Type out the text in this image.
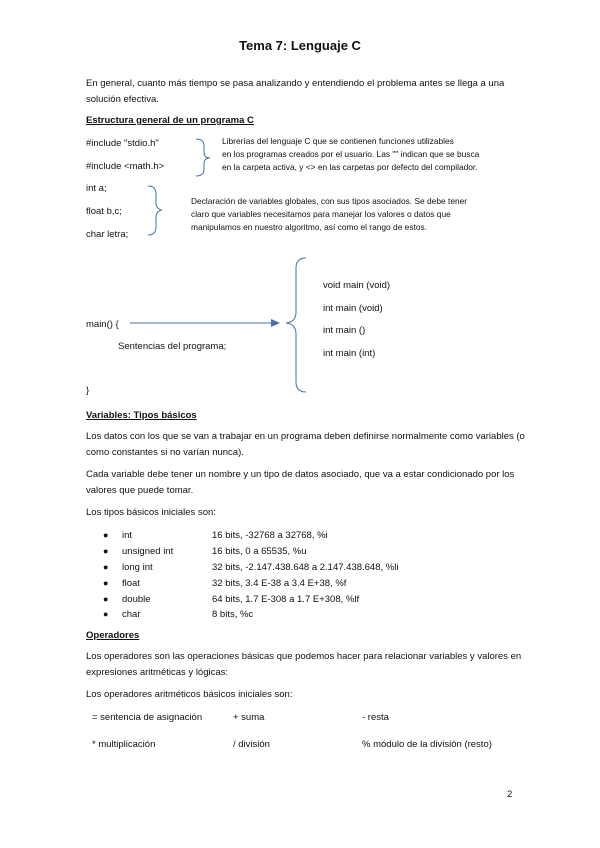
Tema 7: Lenguaje C
En general, cuanto más tiempo se pasa analizando y entendiendo el problema antes se llega a una solución efectiva.
Estructura general de un programa C
#include "stdio.h"
#include <math.h>
Librerías del lenguaje C que se contienen funciones utilizables
en los programas creados por el usuario. Las "" indican que se busca
en la carpeta activa, y <> en las carpetas por defecto del compilador.
int a;
float b,c;
char letra;
Declaración de variables globales, con sus tipos asociados. Se debe tener
claro que variables necesitamos para manejar los valores o datos que
manipulamos en nuestro algoritmo, así como el rango de estos.
main() {
Sentencias del programa;
}
void main (void)
int main (void)
int main ()
int main (int)
Variables: Tipos básicos
Los datos con los que se van a trabajar en un programa deben definirse normalmente como variables (o como constantes si no varían nunca).
Cada variable debe tener un nombre y un tipo de datos asociado, que va a estar condicionado por los valores que puede tomar.
Los tipos básicos iniciales son:
● int	16 bits, -32768 a 32768, %i
● unsigned int	16 bits, 0 a 65535, %u
● long int	32 bits, -2.147.438.648 a 2.147.438.648, %li
● float	32 bits, 3.4 E-38 a 3.4 E+38, %f
● double	64 bits, 1.7 E-308 a 1.7 E+308, %lf
● char	8 bits, %c
Operadores
Los operadores son las operaciones básicas que podemos hacer para relacionar variables y valores en expresiones aritméticas y lógicas:
Los operadores aritméticos básicos iniciales son:
= sentencia de asignación	+ suma	- resta
* multiplicación	/ división	% módulo de la división (resto)
2
